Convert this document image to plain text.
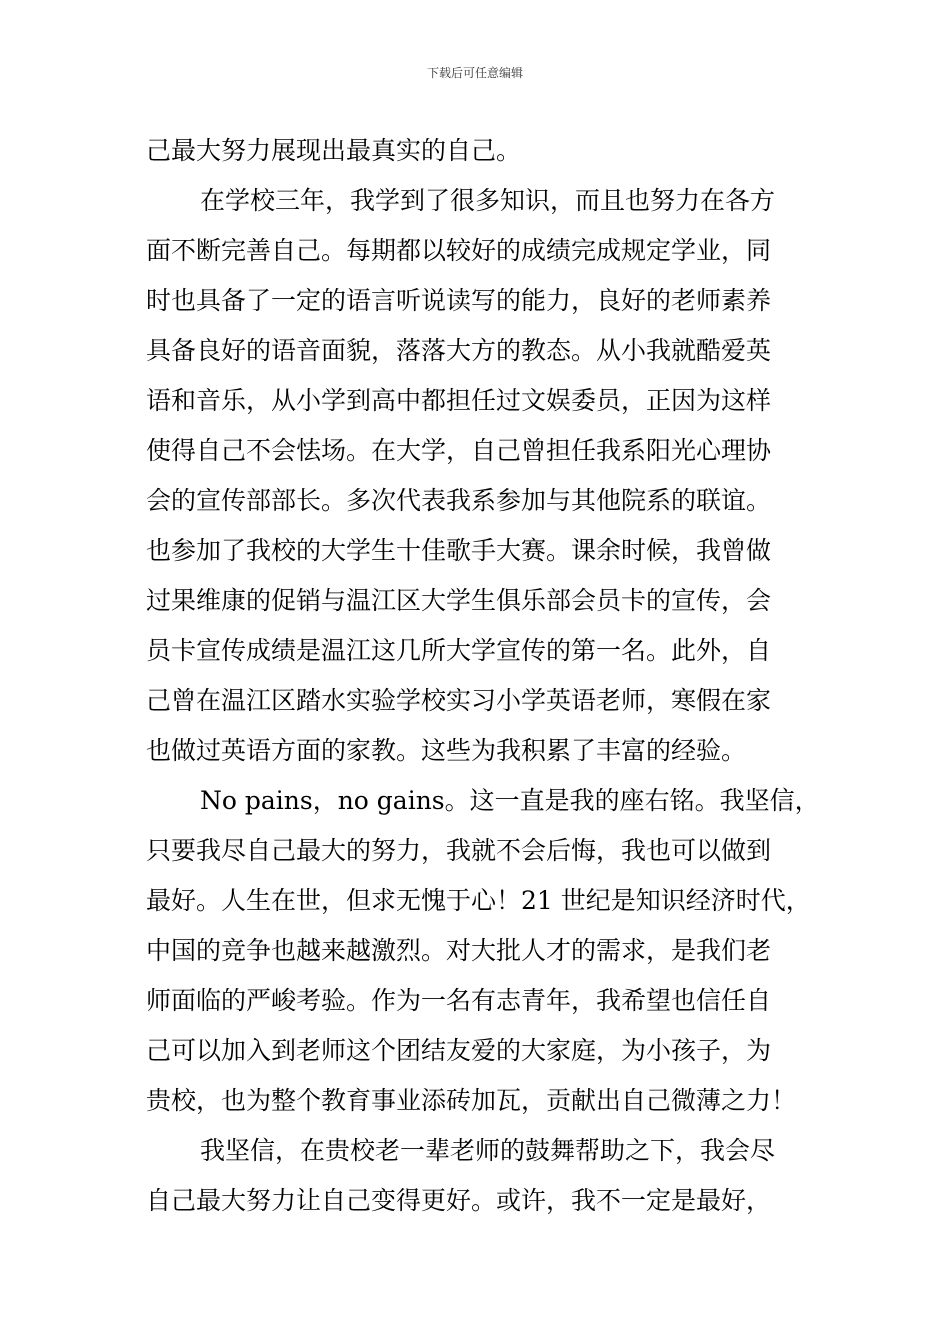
下载后可任意编辑
己最大努力展现出最真实的自己。
在学校三年，我学到了很多知识，而且也努力在各方
面不断完善自己。每期都以较好的成绩完成规定学业，同
时也具备了一定的语言听说读写的能力，良好的老师素养
具备良好的语音面貌，落落大方的教态。从小我就酷爱英
语和音乐，从小学到高中都担任过文娱委员，正因为这样
使得自己不会怯场。在大学，自己曾担任我系阳光心理协
会的宣传部部长。多次代表我系参加与其他院系的联谊。
也参加了我校的大学生十佳歌手大赛。课余时候，我曾做
过果维康的促销与温江区大学生俱乐部会员卡的宣传，会
员卡宣传成绩是温江这几所大学宣传的第一名。此外，自
己曾在温江区踏水实验学校实习小学英语老师，寒假在家
也做过英语方面的家教。这些为我积累了丰富的经验。
No pains，no gains。这一直是我的座右铭。我坚信，
只要我尽自己最大的努力，我就不会后悔，我也可以做到
最好。人生在世，但求无愧于心！21 世纪是知识经济时代，
中国的竞争也越来越激烈。对大批人才的需求，是我们老
师面临的严峻考验。作为一名有志青年，我希望也信任自
己可以加入到老师这个团结友爱的大家庭，为小孩子，为
贵校，也为整个教育事业添砖加瓦，贡献出自己微薄之力！
我坚信，在贵校老一辈老师的鼓舞帮助之下，我会尽
自己最大努力让自己变得更好。或许，我不一定是最好，
